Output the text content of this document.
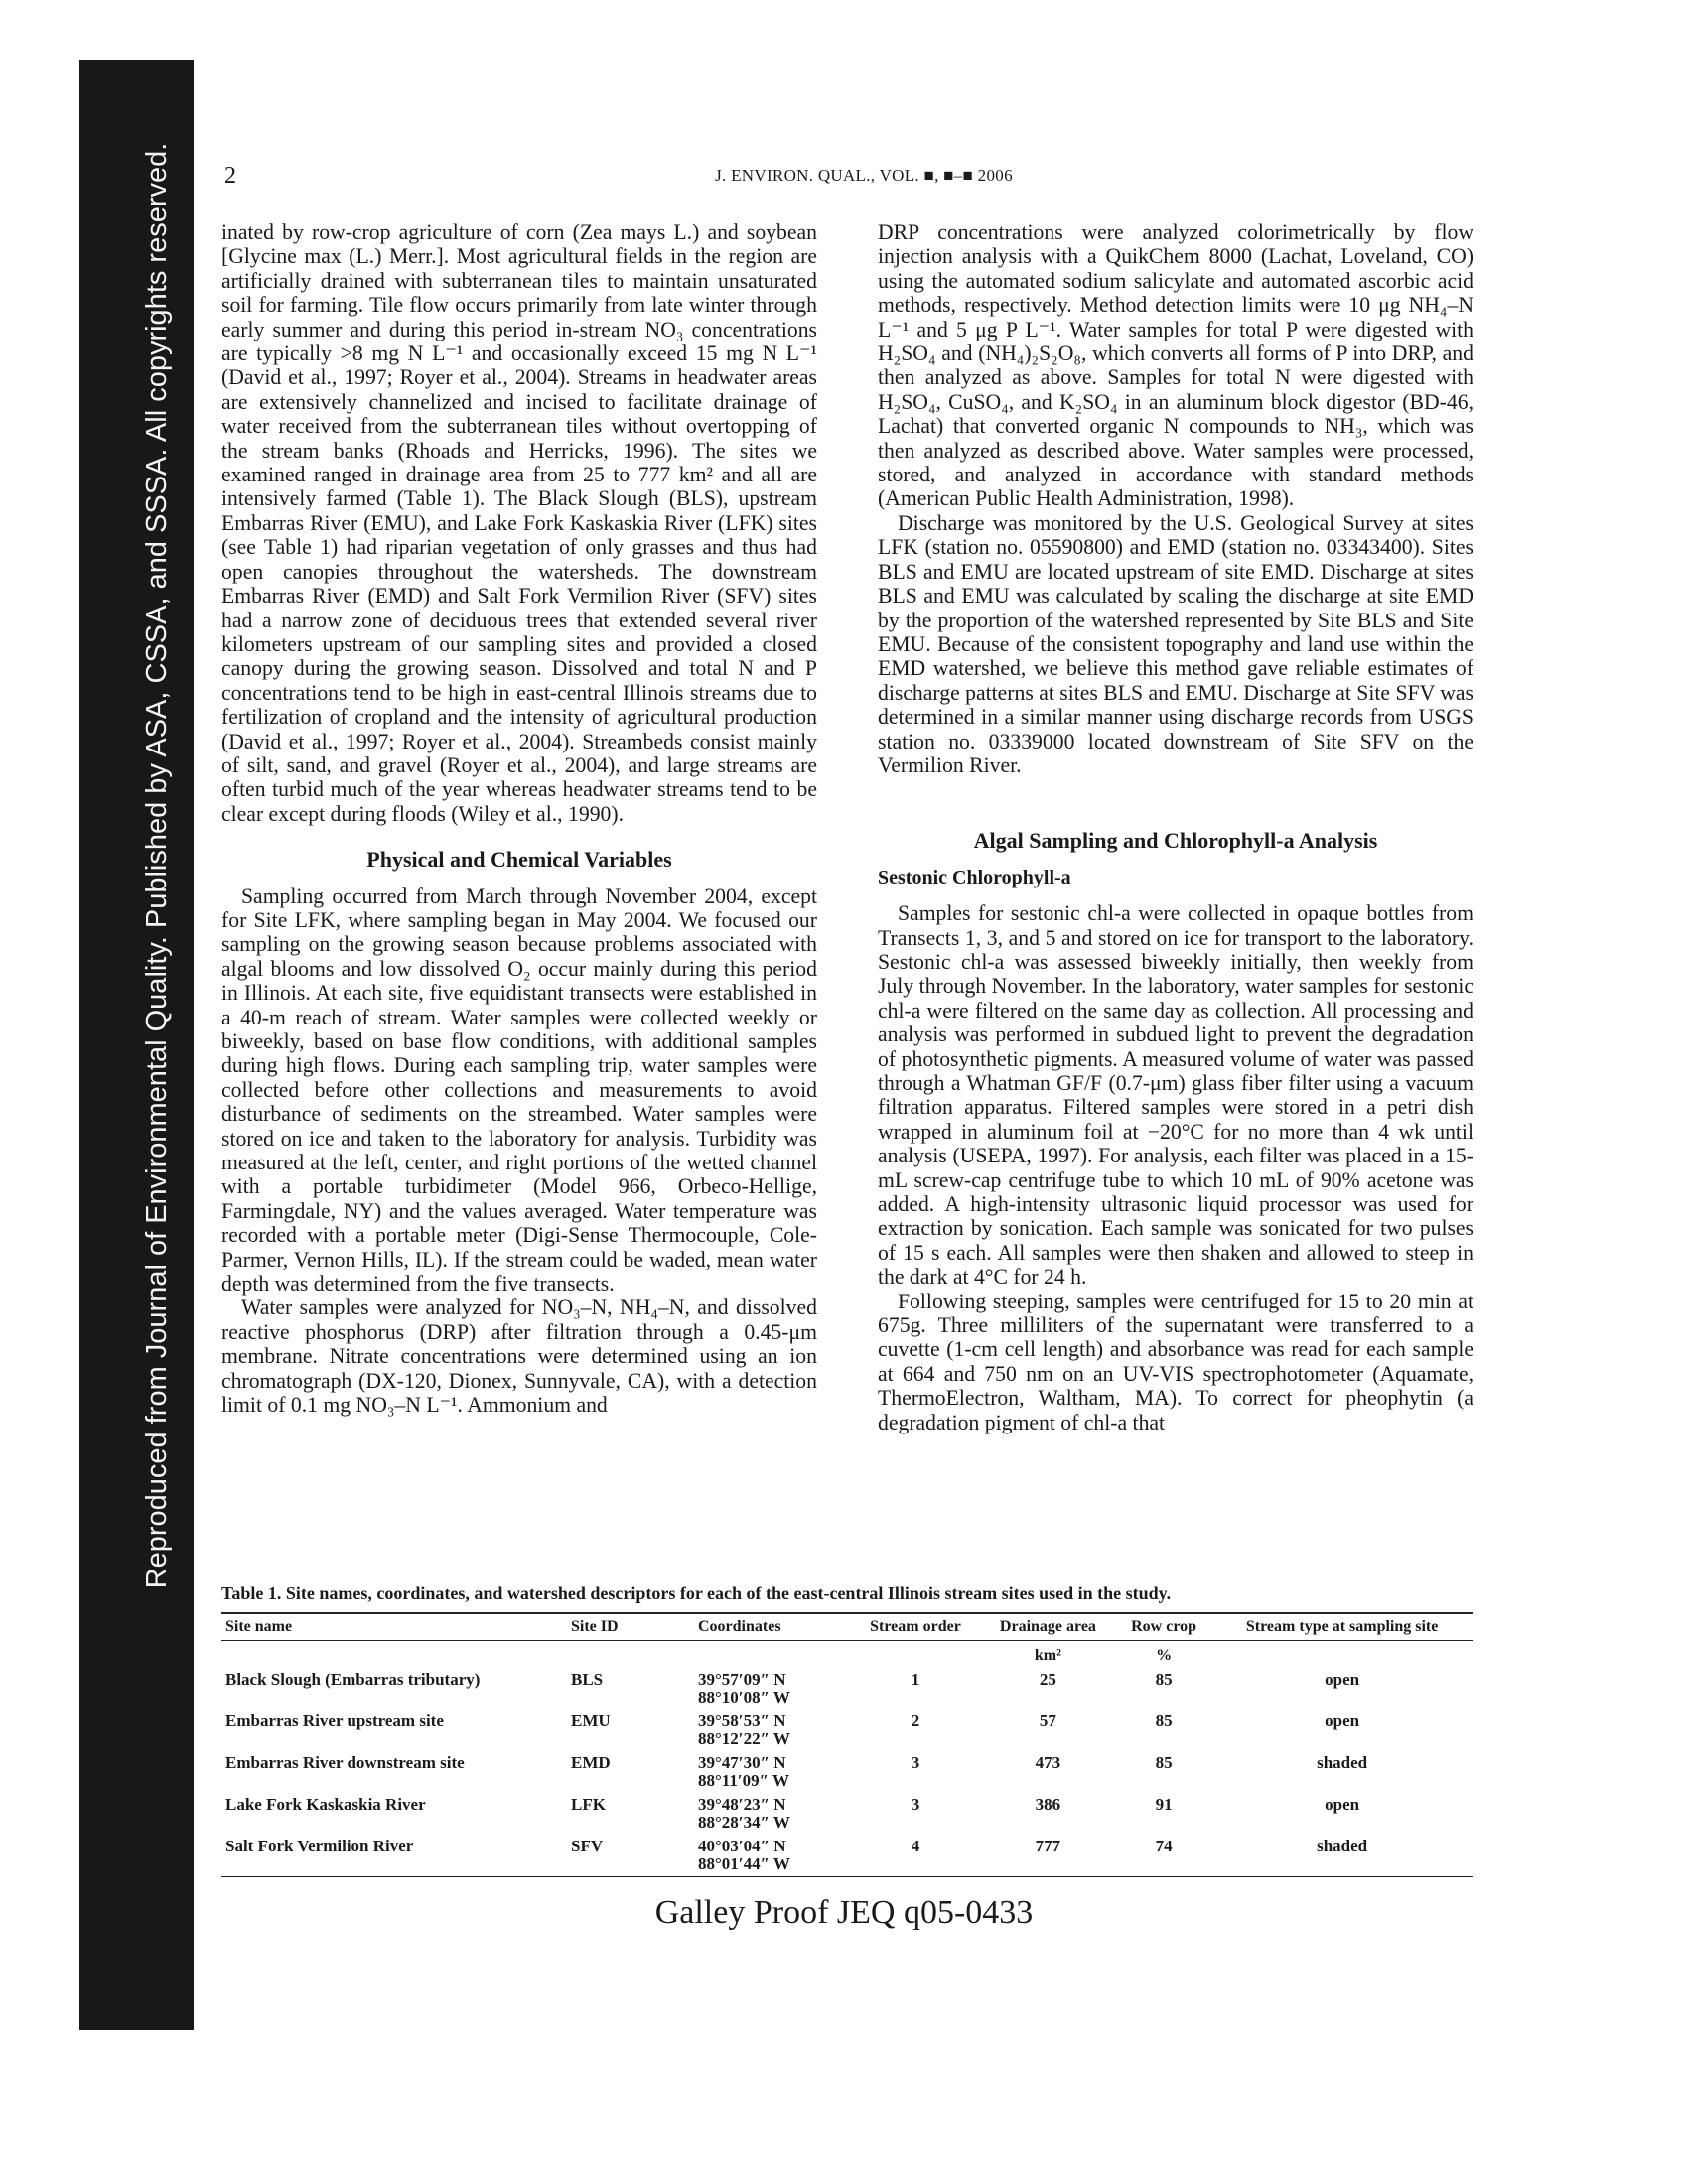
Reproduced from Journal of Environmental Quality. Published by ASA, CSSA, and SSSA. All copyrights reserved. 2	J. ENVIRON. QUAL., VOL. ■, ■–■ 2006

inated by row-crop agriculture of corn (Zea mays L.) and soybean [Glycine max (L.) Merr.]. Most agricultural fields in the region are artificially drained with subterranean tiles to maintain unsaturated soil for farming. Tile flow occurs primarily from late winter through early summer and during this period in-stream NO₃ concentrations are typically >8 mg N L⁻¹ and occasionally exceed 15 mg N L⁻¹ (David et al., 1997; Royer et al., 2004). Streams in headwater areas are extensively channelized and incised to facilitate drainage of water received from the subterranean tiles without overtopping of the stream banks (Rhoads and Herricks, 1996). The sites we examined ranged in drainage area from 25 to 777 km² and all are intensively farmed (Table 1). The Black Slough (BLS), upstream Embarras River (EMU), and Lake Fork Kaskaskia River (LFK) sites (see Table 1) had riparian vegetation of only grasses and thus had open canopies throughout the watersheds. The downstream Embarras River (EMD) and Salt Fork Vermilion River (SFV) sites had a narrow zone of deciduous trees that extended several river kilometers upstream of our sampling sites and provided a closed canopy during the growing season. Dissolved and total N and P concentrations tend to be high in east-central Illinois streams due to fertilization of cropland and the intensity of agricultural production (David et al., 1997; Royer et al., 2004). Streambeds consist mainly of silt, sand, and gravel (Royer et al., 2004), and large streams are often turbid much of the year whereas headwater streams tend to be clear except during floods (Wiley et al., 1990).

Physical and Chemical Variables

Sampling occurred from March through November 2004, except for Site LFK, where sampling began in May 2004. We focused our sampling on the growing season because problems associated with algal blooms and low dissolved O₂ occur mainly during this period in Illinois. At each site, five equidistant transects were established in a 40-m reach of stream. Water samples were collected weekly or biweekly, based on base flow conditions, with additional samples during high flows. During each sampling trip, water samples were collected before other collections and measurements to avoid disturbance of sediments on the streambed. Water samples were stored on ice and taken to the laboratory for analysis. Turbidity was measured at the left, center, and right portions of the wetted channel with a portable turbidimeter (Model 966, Orbeco-Hellige, Farmingdale, NY) and the values averaged. Water temperature was recorded with a portable meter (Digi-Sense Thermocouple, Cole-Parmer, Vernon Hills, IL). If the stream could be waded, mean water depth was determined from the five transects.

Water samples were analyzed for NO₃–N, NH₄–N, and dissolved reactive phosphorus (DRP) after filtration through a 0.45-μm membrane. Nitrate concentrations were determined using an ion chromatograph (DX-120, Dionex, Sunnyvale, CA), with a detection limit of 0.1 mg NO₃–N L⁻¹. Ammonium and

DRP concentrations were analyzed colorimetrically by flow injection analysis with a QuikChem 8000 (Lachat, Loveland, CO) using the automated sodium salicylate and automated ascorbic acid methods, respectively. Method detection limits were 10 μg NH₄–N L⁻¹ and 5 μg P L⁻¹. Water samples for total P were digested with H₂SO₄ and (NH₄)₂S₂O₈, which converts all forms of P into DRP, and then analyzed as above. Samples for total N were digested with H₂SO₄, CuSO₄, and K₂SO₄ in an aluminum block digestor (BD-46, Lachat) that converted organic N compounds to NH₃, which was then analyzed as described above. Water samples were processed, stored, and analyzed in accordance with standard methods (American Public Health Administration, 1998).

Discharge was monitored by the U.S. Geological Survey at sites LFK (station no. 05590800) and EMD (station no. 03343400). Sites BLS and EMU are located upstream of site EMD. Discharge at sites BLS and EMU was calculated by scaling the discharge at site EMD by the proportion of the watershed represented by Site BLS and Site EMU. Because of the consistent topography and land use within the EMD watershed, we believe this method gave reliable estimates of discharge patterns at sites BLS and EMU. Discharge at Site SFV was determined in a similar manner using discharge records from USGS station no. 03339000 located downstream of Site SFV on the Vermilion River.

Algal Sampling and Chlorophyll-a Analysis
Sestonic Chlorophyll-a

Samples for sestonic chl-a were collected in opaque bottles from Transects 1, 3, and 5 and stored on ice for transport to the laboratory. Sestonic chl-a was assessed biweekly initially, then weekly from July through November. In the laboratory, water samples for sestonic chl-a were filtered on the same day as collection. All processing and analysis was performed in subdued light to prevent the degradation of photosynthetic pigments. A measured volume of water was passed through a Whatman GF/F (0.7-μm) glass fiber filter using a vacuum filtration apparatus. Filtered samples were stored in a petri dish wrapped in aluminum foil at −20°C for no more than 4 wk until analysis (USEPA, 1997). For analysis, each filter was placed in a 15-mL screw-cap centrifuge tube to which 10 mL of 90% acetone was added. A high-intensity ultrasonic liquid processor was used for extraction by sonication. Each sample was sonicated for two pulses of 15 s each. All samples were then shaken and allowed to steep in the dark at 4°C for 24 h.

Following steeping, samples were centrifuged for 15 to 20 min at 675g. Three milliliters of the supernatant were transferred to a cuvette (1-cm cell length) and absorbance was read for each sample at 664 and 750 nm on an UV-VIS spectrophotometer (Aquamate, ThermoElectron, Waltham, MA). To correct for pheophytin (a degradation pigment of chl-a that

Table 1. Site names, coordinates, and watershed descriptors for each of the east-central Illinois stream sites used in the study.
Site name	Site ID	Coordinates	Stream order	Drainage area	Row crop	Stream type at sampling site
				km²	%	
Black Slough (Embarras tributary)	BLS	39°57′09″ N
88°10′08″ W	1	25	85	open
Embarras River upstream site	EMU	39°58′53″ N
88°12′22″ W	2	57	85	open
Embarras River downstream site	EMD	39°47′30″ N
88°11′09″ W	3	473	85	shaded
Lake Fork Kaskaskia River	LFK	39°48′23″ N
88°28′34″ W	3	386	91	open
Salt Fork Vermilion River	SFV	40°03′04″ N
88°01′44″ W	4	777	74	shaded
Galley Proof JEQ q05-0433
